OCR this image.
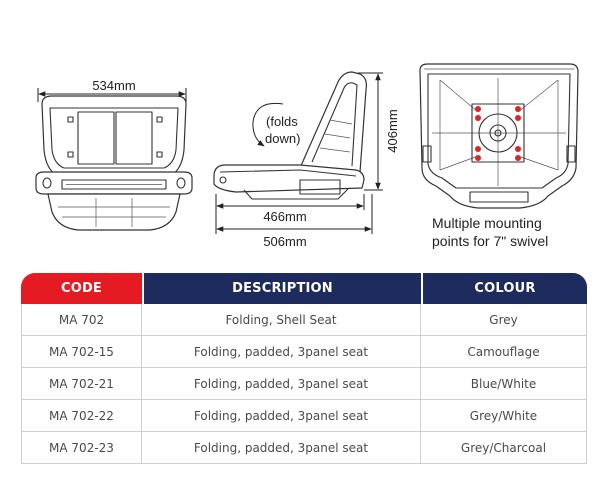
534mm
(folds
down)	406mm
466mm
506mm
Multiple mounting
points for 7" swivel
CODE	DESCRIPTION	COLOUR
MA 702	Folding, Shell Seat	Grey
MA 702-15	Folding, padded, 3panel seat	Camouflage
MA 702-21	Folding, padded, 3panel seat	Blue/White
MA 702-22	Folding, padded, 3panel seat	Grey/White
MA 702-23	Folding, padded, 3panel seat	Grey/Charcoal
